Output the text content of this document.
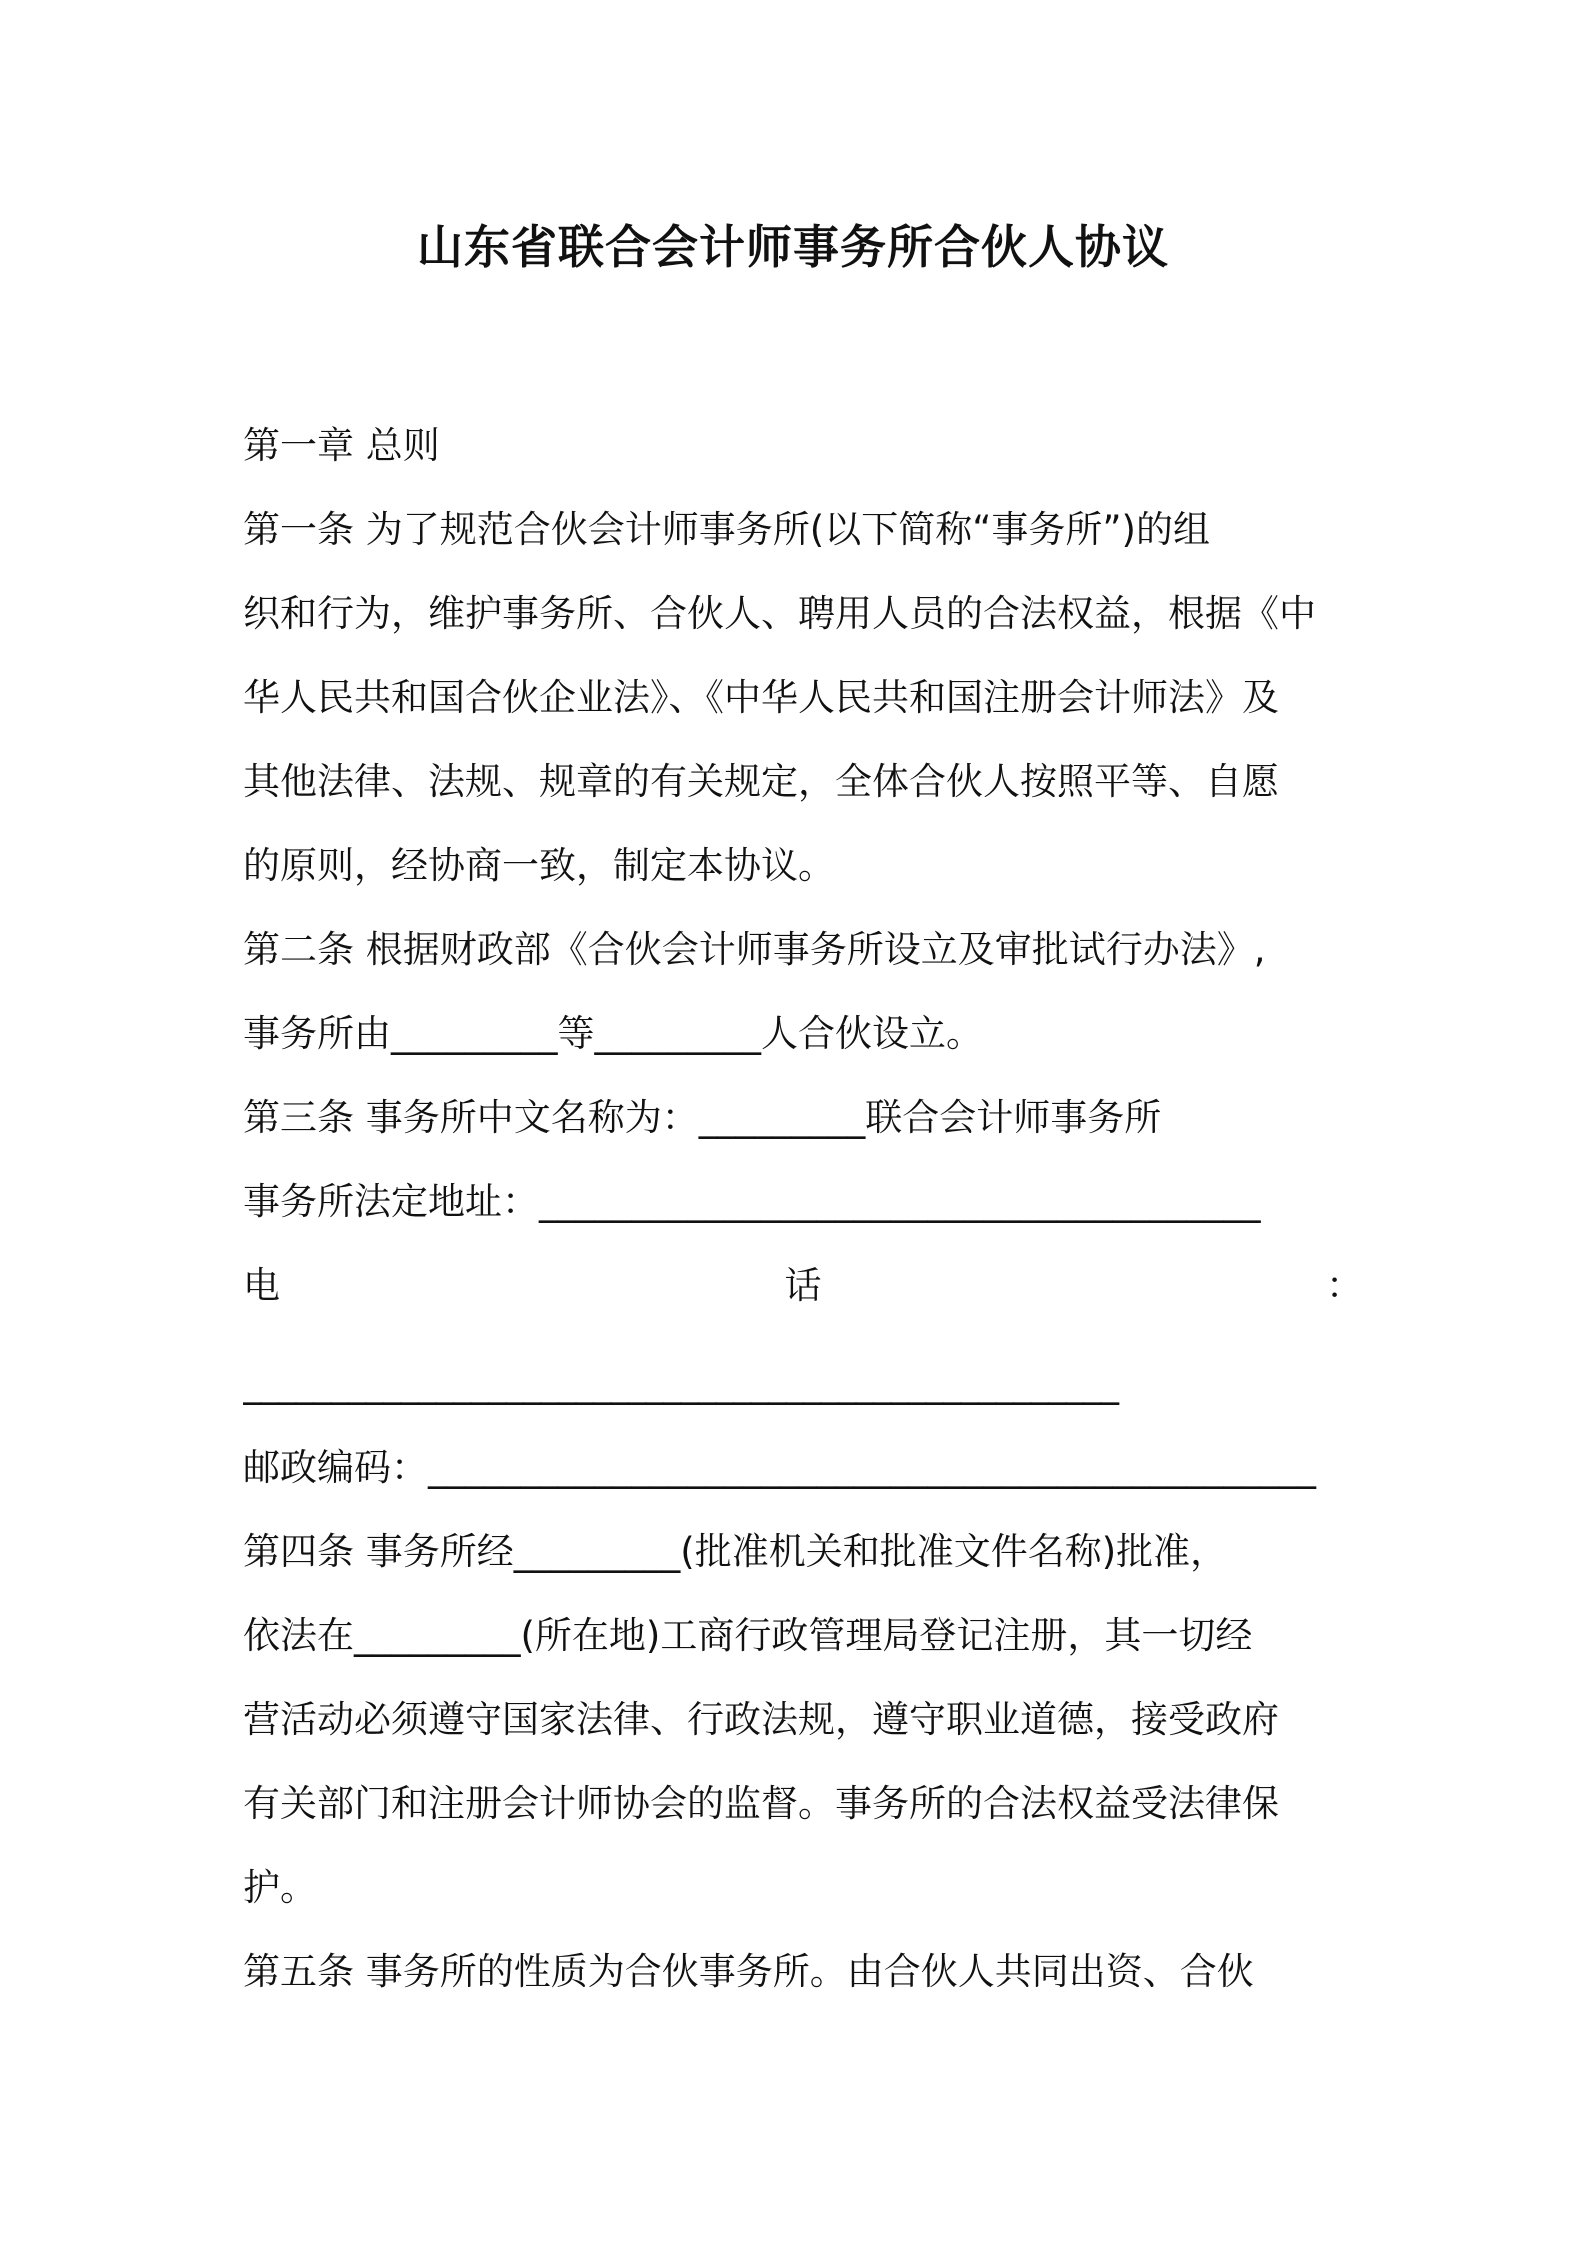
山东省联合会计师事务所合伙人协议
第一章 总则
第一条 为了规范合伙会计师事务所(以下简称“事务所”)的组
织和行为，维护事务所、合伙人、聘用人员的合法权益，根据《中
华人民共和国合伙企业法》、《中华人民共和国注册会计师法》及
其他法律、法规、规章的有关规定，全体合伙人按照平等、自愿
的原则，经协商一致，制定本协议。
第二条 根据财政部《合伙会计师事务所设立及审批试行办法》,
事务所由_________等_________人合伙设立。
第三条 事务所中文名称为：_________联合会计师事务所
事务所法定地址：_______________________________________
电	话	：
__________________________________________________
邮政编码：________________________________________________
第四条 事务所经_________(批准机关和批准文件名称)批准，
依法在_________(所在地)工商行政管理局登记注册，其一切经
营活动必须遵守国家法律、行政法规，遵守职业道德，接受政府
有关部门和注册会计师协会的监督。事务所的合法权益受法律保
护。
第五条 事务所的性质为合伙事务所。由合伙人共同出资、合伙
